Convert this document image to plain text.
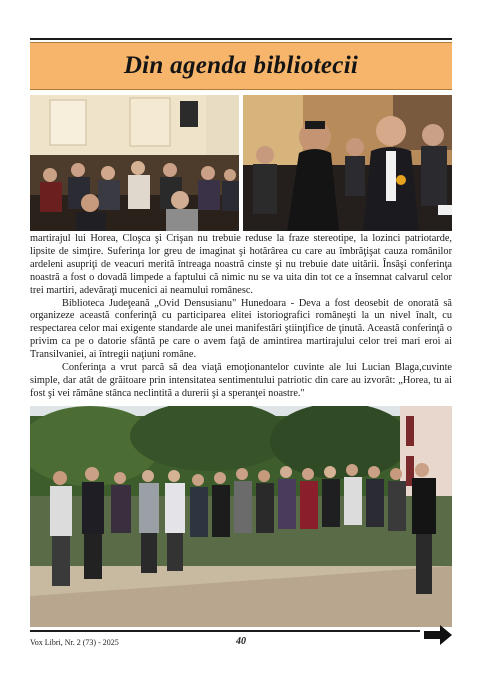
Din agenda bibliotecii

martirajul lui Horea, Cloşca şi Crişan nu trebuie reduse la fraze stereotipe, la lozinci patriotarde, lipsite de simţire. Suferinţa lor greu de imaginat şi hotărârea cu care au îmbrăţişat cauza românilor ardeleni asupriţi de veacuri merită întreaga noastră cinste şi nu trebuie date uitării. Însăşi conferinţa noastră a fost o dovadă limpede a faptului că nimic nu se va uita din tot ce a însemnat calvarul celor trei martiri, adevăraţi mucenici ai neamului românesc.

Biblioteca Judeţeană „Ovid Densusianu" Hunedoara - Deva a fost deosebit de onorată să organizeze această conferinţă cu participarea elitei istoriografici româneşti la un nivel înalt, cu respectarea celor mai exigente standarde ale unei manifestări ştiinţifice de ţinută. Această conferinţă o privim ca pe o datorie sfântă pe care o avem faţă de amintirea martirajului celor trei mari eroi ai Transilvaniei, ai întregii naţiuni române.

Conferinţa a vrut parcă să dea viaţă emoţionantelor cuvinte ale lui Lucian Blaga,cuvinte simple, dar atât de grăitoare prin intensitatea sentimentului patriotic din care au izvorât: „Horea, tu ai fost şi vei rămâne stânca neclintită a durerii şi a speranţei noastre."

Vox Libri, Nr. 2 (73) - 2025	40
